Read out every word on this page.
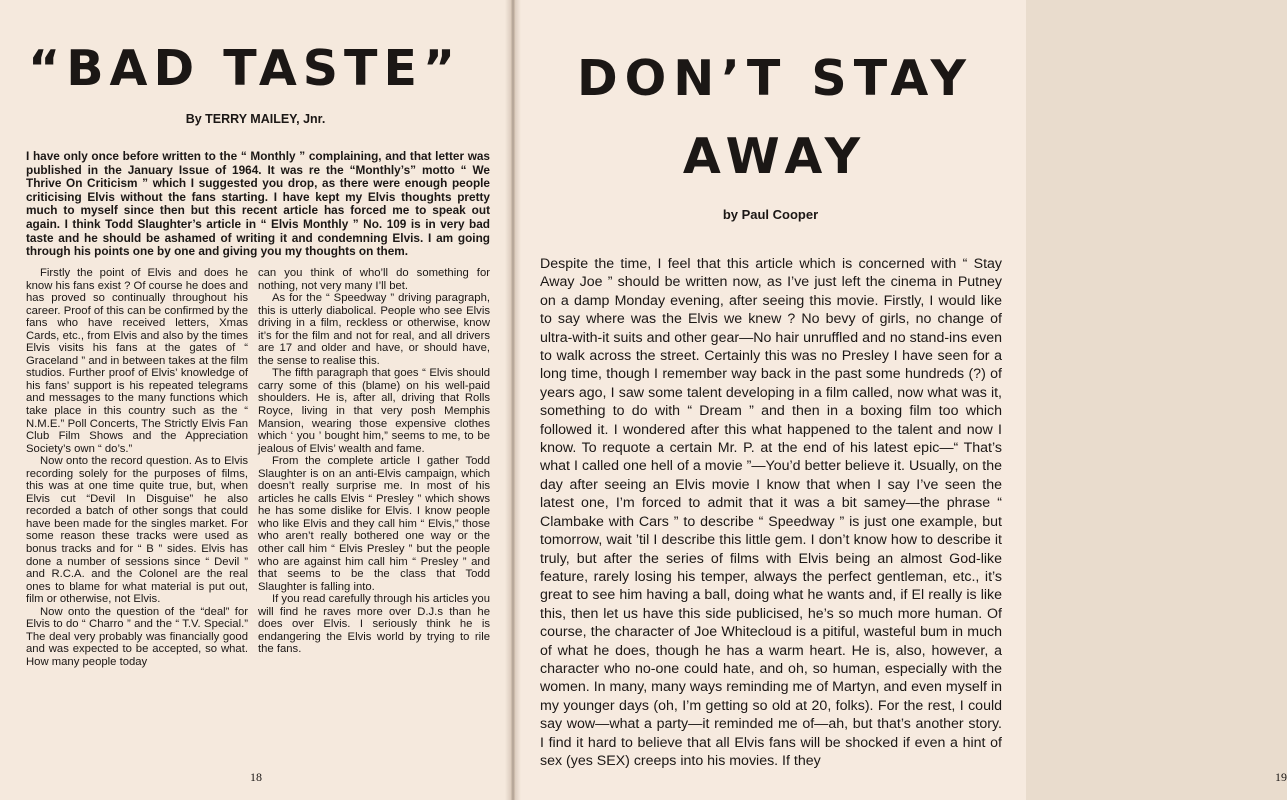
“BAD TASTE”

By TERRY MAILEY, Jnr.

I have only once before written to the “ Monthly ” complaining, and that letter was published in the January Issue of 1964. It was re the “Monthly’s” motto “ We Thrive On Criticism ” which I suggested you drop, as there were enough people criticising Elvis without the fans starting. I have kept my Elvis thoughts pretty much to myself since then but this recent article has forced me to speak out again. I think Todd Slaughter’s article in “ Elvis Monthly ” No. 109 is in very bad taste and he should be ashamed of writing it and condemning Elvis. I am going through his points one by one and giving you my thoughts on them.

Firstly the point of Elvis and does he know his fans exist ? Of course he does and has proved so continually throughout his career. Proof of this can be confirmed by the fans who have received letters, Xmas Cards, etc., from Elvis and also by the times Elvis visits his fans at the gates of “ Graceland ” and in between takes at the film studios. Further proof of Elvis’ knowledge of his fans’ support is his repeated telegrams and messages to the many functions which take place in this country such as the “ N.M.E.” Poll Concerts, The Strictly Elvis Fan Club Film Shows and the Appreciation Society’s own “ do’s.”

Now onto the record question. As to Elvis recording solely for the purposes of films, this was at one time quite true, but, when Elvis cut “Devil In Disguise” he also recorded a batch of other songs that could have been made for the singles market. For some reason these tracks were used as bonus tracks and for “ B ” sides. Elvis has done a number of sessions since “ Devil ” and R.C.A. and the Colonel are the real ones to blame for what material is put out, film or otherwise, not Elvis.

Now onto the question of the “deal” for Elvis to do “ Charro ” and the “ T.V. Special.” The deal very probably was financially good and was expected to be accepted, so what. How many people today

can you think of who’ll do something for nothing, not very many I’ll bet.

As for the “ Speedway ” driving paragraph, this is utterly diabolical. People who see Elvis driving in a film, reckless or otherwise, know it’s for the film and not for real, and all drivers are 17 and older and have, or should have, the sense to realise this.

The fifth paragraph that goes “ Elvis should carry some of this (blame) on his well-paid shoulders. He is, after all, driving that Rolls Royce, living in that very posh Memphis Mansion, wearing those expensive clothes which ‘ you ’ bought him,” seems to me, to be jealous of Elvis’ wealth and fame.

From the complete article I gather Todd Slaughter is on an anti-Elvis campaign, which doesn’t really surprise me. In most of his articles he calls Elvis “ Presley ” which shows he has some dislike for Elvis. I know people who like Elvis and they call him “ Elvis,” those who aren’t really bothered one way or the other call him “ Elvis Presley ” but the people who are against him call him “ Presley ” and that seems to be the class that Todd Slaughter is falling into.

If you read carefully through his articles you will find he raves more over D.J.s than he does over Elvis. I seriously think he is endangering the Elvis world by trying to rile the fans.

18
DON’T STAY AWAY

by Paul Cooper

Despite the time, I feel that this article which is concerned with “ Stay Away Joe ” should be written now, as I’ve just left the cinema in Putney on a damp Monday evening, after seeing this movie. Firstly, I would like to say where was the Elvis we knew ? No bevy of girls, no change of ultra-with-it suits and other gear—No hair unruffled and no stand-ins even to walk across the street. Certainly this was no Presley I have seen for a long time, though I remember way back in the past some hundreds (?) of years ago, I saw some talent developing in a film called, now what was it, something to do with “ Dream ” and then in a boxing film too which followed it. I wondered after this what happened to the talent and now I know. To requote a certain Mr. P. at the end of his latest epic—“ That’s what I called one hell of a movie ”—You’d better believe it. Usually, on the day after seeing an Elvis movie I know that when I say I’ve seen the latest one, I’m forced to admit that it was a bit samey—the phrase “ Clambake with Cars ” to describe “ Speedway ” is just one example, but tomorrow, wait ’til I describe this little gem. I don’t know how to describe it truly, but after the series of films with Elvis being an almost God-like feature, rarely losing his temper, always the perfect gentleman, etc., it’s great to see him having a ball, doing what he wants and, if El really is like this, then let us have this side publicised, he’s so much more human. Of course, the character of Joe Whitecloud is a pitiful, wasteful bum in much of what he does, though he has a warm heart. He is, also, however, a character who no-one could hate, and oh, so human, especially with the women. In many, many ways reminding me of Martyn, and even myself in my younger days (oh, I’m getting so old at 20, folks). For the rest, I could say wow—what a party—it reminded me of—ah, but that’s another story. I find it hard to believe that all Elvis fans will be shocked if even a hint of sex (yes SEX) creeps into his movies. If they

19
